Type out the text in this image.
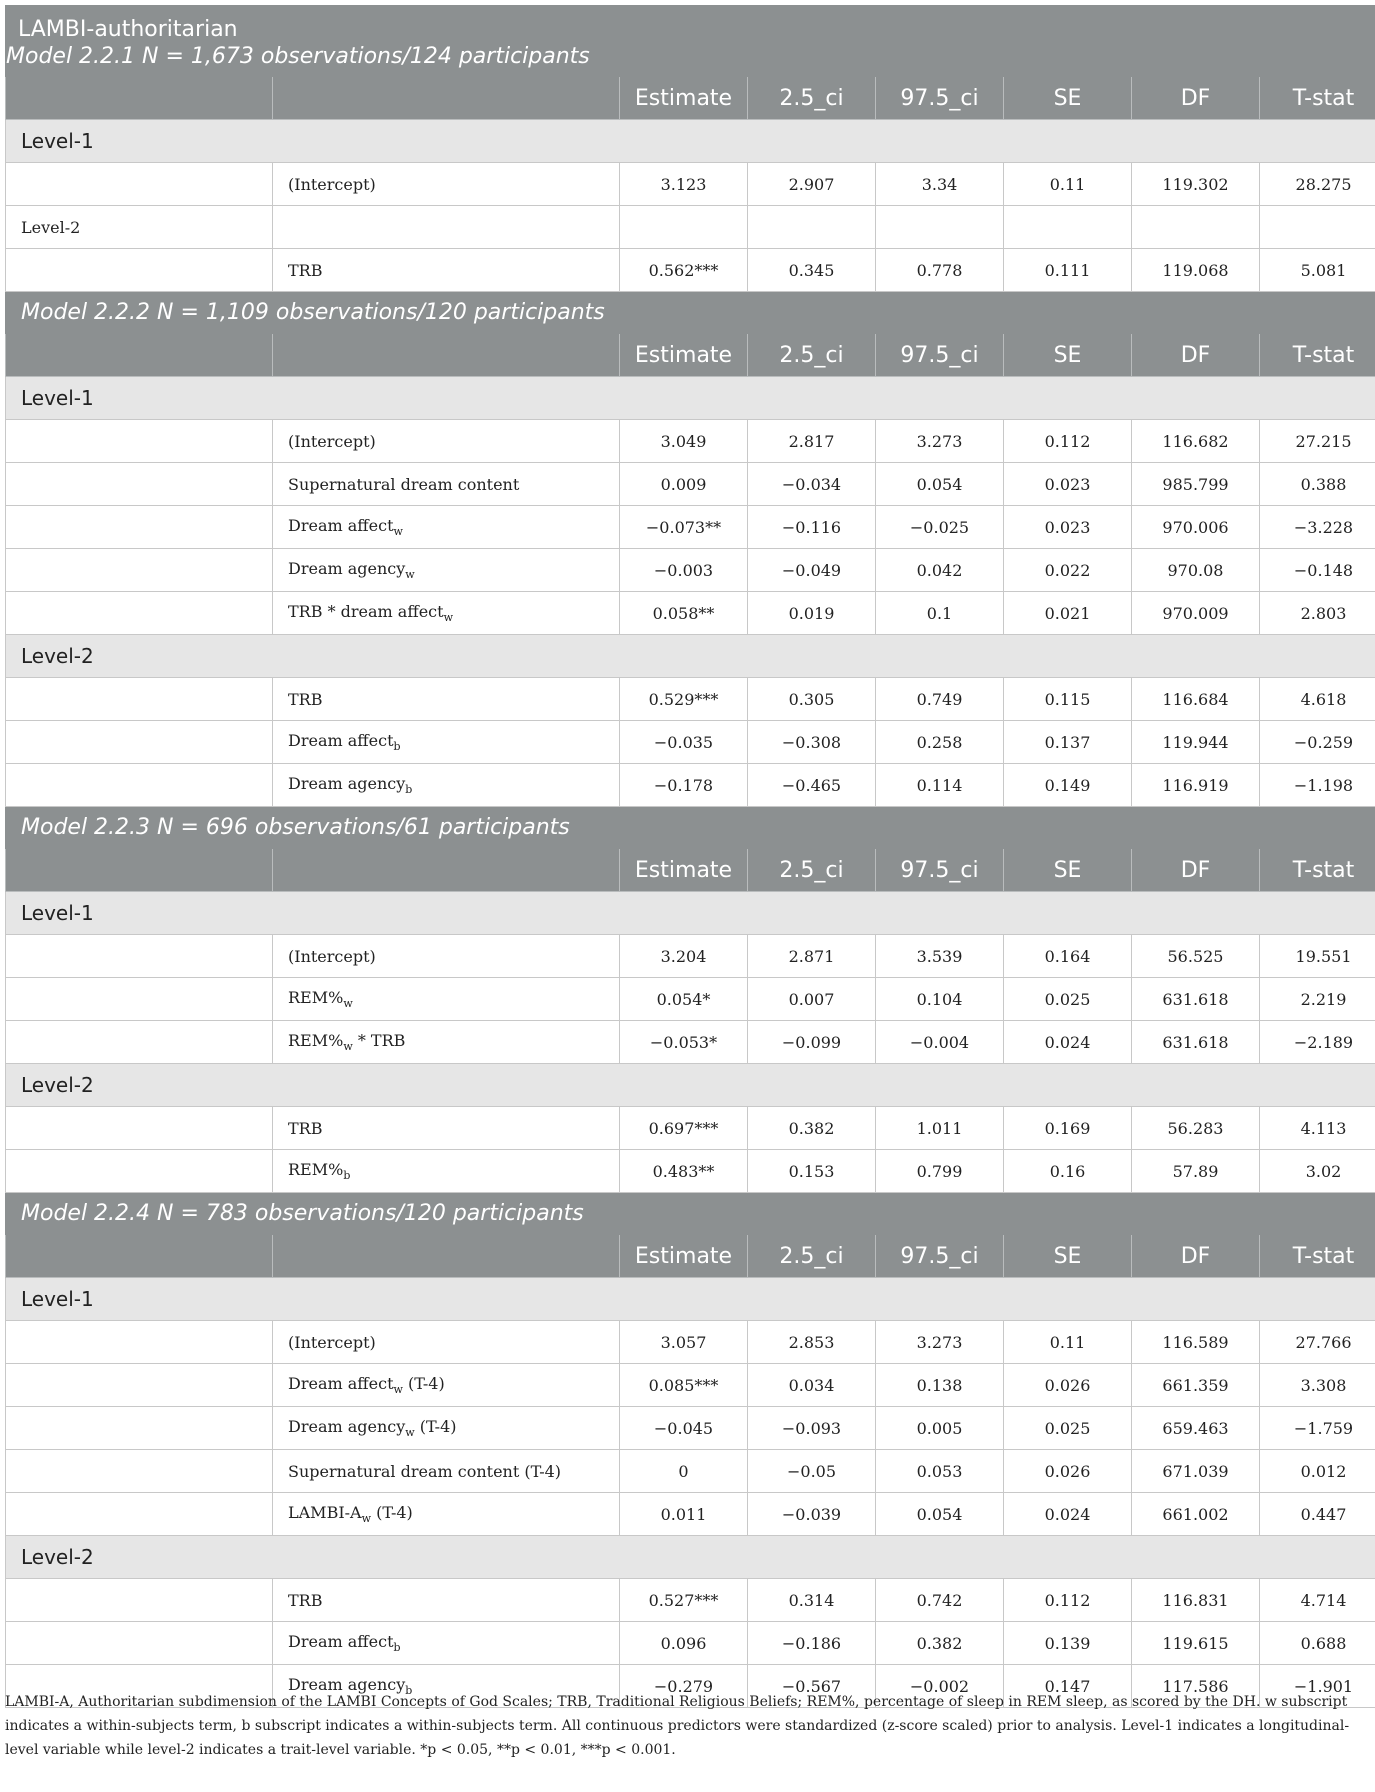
LAMBI-authoritarian
Model 2.2.1 N = 1,673 observations/124 participants							

		Estimate	2.5_ci	97.5_ci	SE	DF	T-stat
Level-1							
	(Intercept)	3.123	2.907	3.34	0.11	119.302	28.275
Level-2							
	TRB	0.562***	0.345	0.778	0.111	119.068	5.081
Model 2.2.2 N = 1,109 observations/120 participants							
		Estimate	2.5_ci	97.5_ci	SE	DF	T-stat
Level-1							
	(Intercept)	3.049	2.817	3.273	0.112	116.682	27.215
	Supernatural dream content	0.009	−0.034	0.054	0.023	985.799	0.388
	Dream affect$_w$	−0.073**	−0.116	−0.025	0.023	970.006	−3.228
	Dream agency$_w$	−0.003	−0.049	0.042	0.022	970.08	−0.148
	TRB * dream affect$_w$	0.058**	0.019	0.1	0.021	970.009	2.803
Level-2							
	TRB	0.529***	0.305	0.749	0.115	116.684	4.618
	Dream affect$_b$	−0.035	−0.308	0.258	0.137	119.944	−0.259
	Dream agency$_b$	−0.178	−0.465	0.114	0.149	116.919	−1.198
Model 2.2.3 N = 696 observations/61 participants							
		Estimate	2.5_ci	97.5_ci	SE	DF	T-stat
Level-1							
	(Intercept)	3.204	2.871	3.539	0.164	56.525	19.551
	$REM\%_w$	0.054*	0.007	0.104	0.025	631.618	2.219
	$REM\%_w$ * TRB	−0.053*	−0.099	−0.004	0.024	631.618	−2.189
Level-2							
	TRB	0.697***	0.382	1.011	0.169	56.283	4.113
	$REM\%_b$	0.483**	0.153	0.799	0.16	57.89	3.02
Model 2.2.4 N = 783 observations/120 participants							
		Estimate	2.5_ci	97.5_ci	SE	DF	T-stat
Level-1							
	(Intercept)	3.057	2.853	3.273	0.11	116.589	27.766
	Dream affect$_w$ (T-4)	0.085***	0.034	0.138	0.026	661.359	3.308
	Dream agency$_w$ (T-4)	−0.045	−0.093	0.005	0.025	659.463	−1.759
	Supernatural dream content (T-4)	0	−0.05	0.053	0.026	671.039	0.012
	LAMBI-$A_w$ (T-4)	0.011	−0.039	0.054	0.024	661.002	0.447
Level-2							
	TRB	0.527***	0.314	0.742	0.112	116.831	4.714
	Dream affect$_b$	0.096	−0.186	0.382	0.139	119.615	0.688
	Dream agency$_b$	−0.279	−0.567	−0.002	0.147	117.586	−1.901
LAMBI-A, Authoritarian subdimension of the LAMBI Concepts of God Scales; TRB, Traditional Religious Beliefs; REM%, percentage of sleep in REM sleep, as scored by the DH. w subscript indicates a within-subjects term, b subscript indicates a within-subjects term. All continuous predictors were standardized (z-score scaled) prior to analysis. Level-1 indicates a longitudinal-level variable while level-2 indicates a trait-level variable. *p < 0.05, **p < 0.01, ***p < 0.001.
